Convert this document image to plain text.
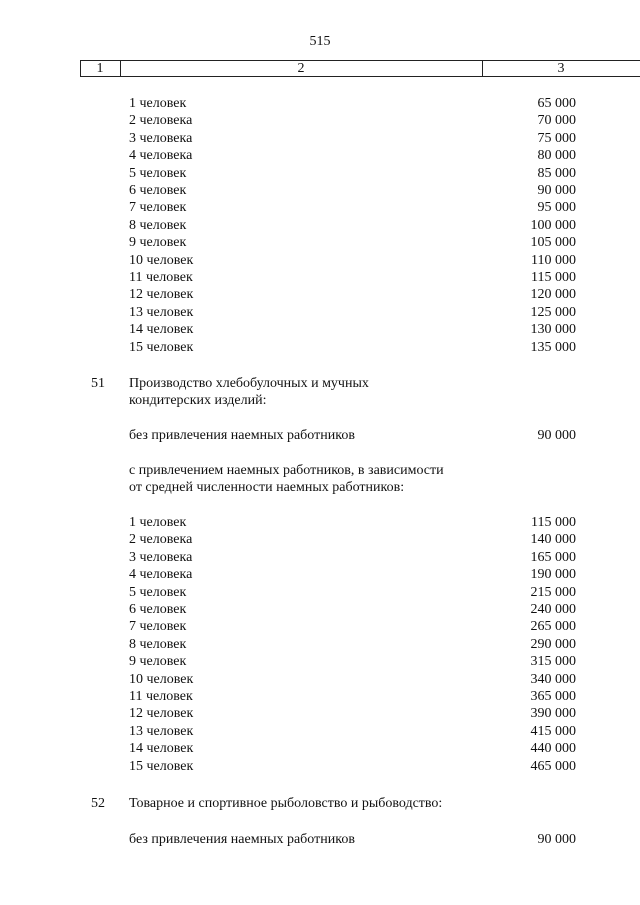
515
1	2	3
1 человек	65 000
2 человека	70 000
3 человека	75 000
4 человека	80 000
5 человек	85 000
6 человек	90 000
7 человек	95 000
8 человек	100 000
9 человек	105 000
10 человек	110 000
11 человек	115 000
12 человек	120 000
13 человек	125 000
14 человек	130 000
15 человек	135 000
51 Производство хлебобулочных и мучных
кондитерских изделий:
без привлечения наемных работников	90 000
с привлечением наемных работников, в зависимости
от средней численности наемных работников:
1 человек	115 000
2 человека	140 000
3 человека	165 000
4 человека	190 000
5 человек	215 000
6 человек	240 000
7 человек	265 000
8 человек	290 000
9 человек	315 000
10 человек	340 000
11 человек	365 000
12 человек	390 000
13 человек	415 000
14 человек	440 000
15 человек	465 000
52 Товарное и спортивное рыболовство и рыбоводство:
без привлечения наемных работников	90 000
